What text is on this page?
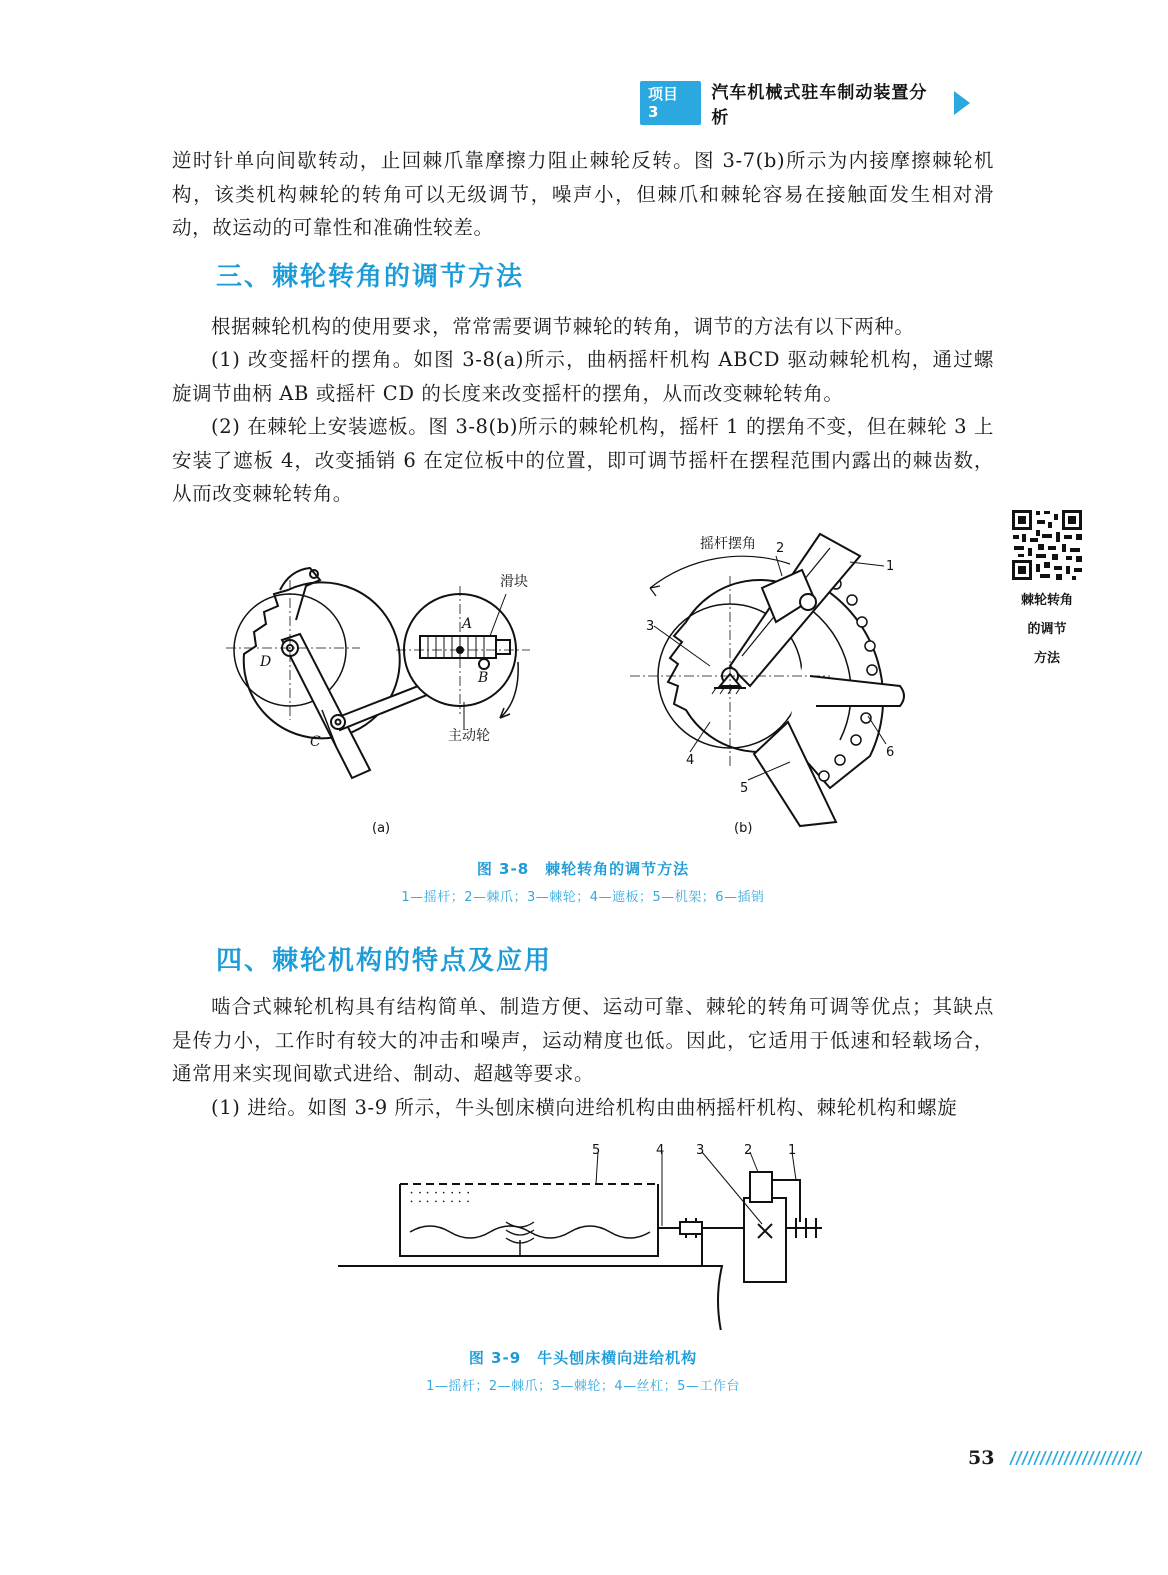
项目 3
汽车机械式驻车制动装置分析

逆时针单向间歇转动，止回棘爪靠摩擦力阻止棘轮反转。图 3-7(b)所示为内接摩擦棘轮机构，该类机构棘轮的转角可以无级调节，噪声小，但棘爪和棘轮容易在接触面发生相对滑动，故运动的可靠性和准确性较差。

三、棘轮转角的调节方法

根据棘轮机构的使用要求，常常需要调节棘轮的转角，调节的方法有以下两种。

(1) 改变摇杆的摆角。如图 3-8(a)所示，曲柄摇杆机构 ABCD 驱动棘轮机构，通过螺旋调节曲柄 AB 或摇杆 CD 的长度来改变摇杆的摆角，从而改变棘轮转角。

(2) 在棘轮上安装遮板。图 3-8(b)所示的棘轮机构，摇杆 1 的摆角不变，但在棘轮 3 上安装了遮板 4，改变插销 6 在定位板中的位置，即可调节摇杆在摆程范围内露出的棘齿数，从而改变棘轮转角。

棘轮转角
的调节
方法
滑块
A
B
C
D
主动轮
(a)
摇杆摆角
1
2
3
4
5
6
(b)
图 3-8　棘轮转角的调节方法
1—摇杆；2—棘爪；3—棘轮；4—遮板；5—机架；6—插销
四、棘轮机构的特点及应用

啮合式棘轮机构具有结构简单、制造方便、运动可靠、棘轮的转角可调等优点；其缺点是传力小，工作时有较大的冲击和噪声，运动精度也低。因此，它适用于低速和轻载场合，通常用来实现间歇式进给、制动、超越等要求。

(1) 进给。如图 3-9 所示，牛头刨床横向进给机构由曲柄摇杆机构、棘轮机构和螺旋

⸬ ⸬ ⸬ ⸬
5	4 3	2	1
图 3-9　牛头刨床横向进给机构
1—摇杆；2—棘爪；3—棘轮；4—丝杠；5—工作台
53
